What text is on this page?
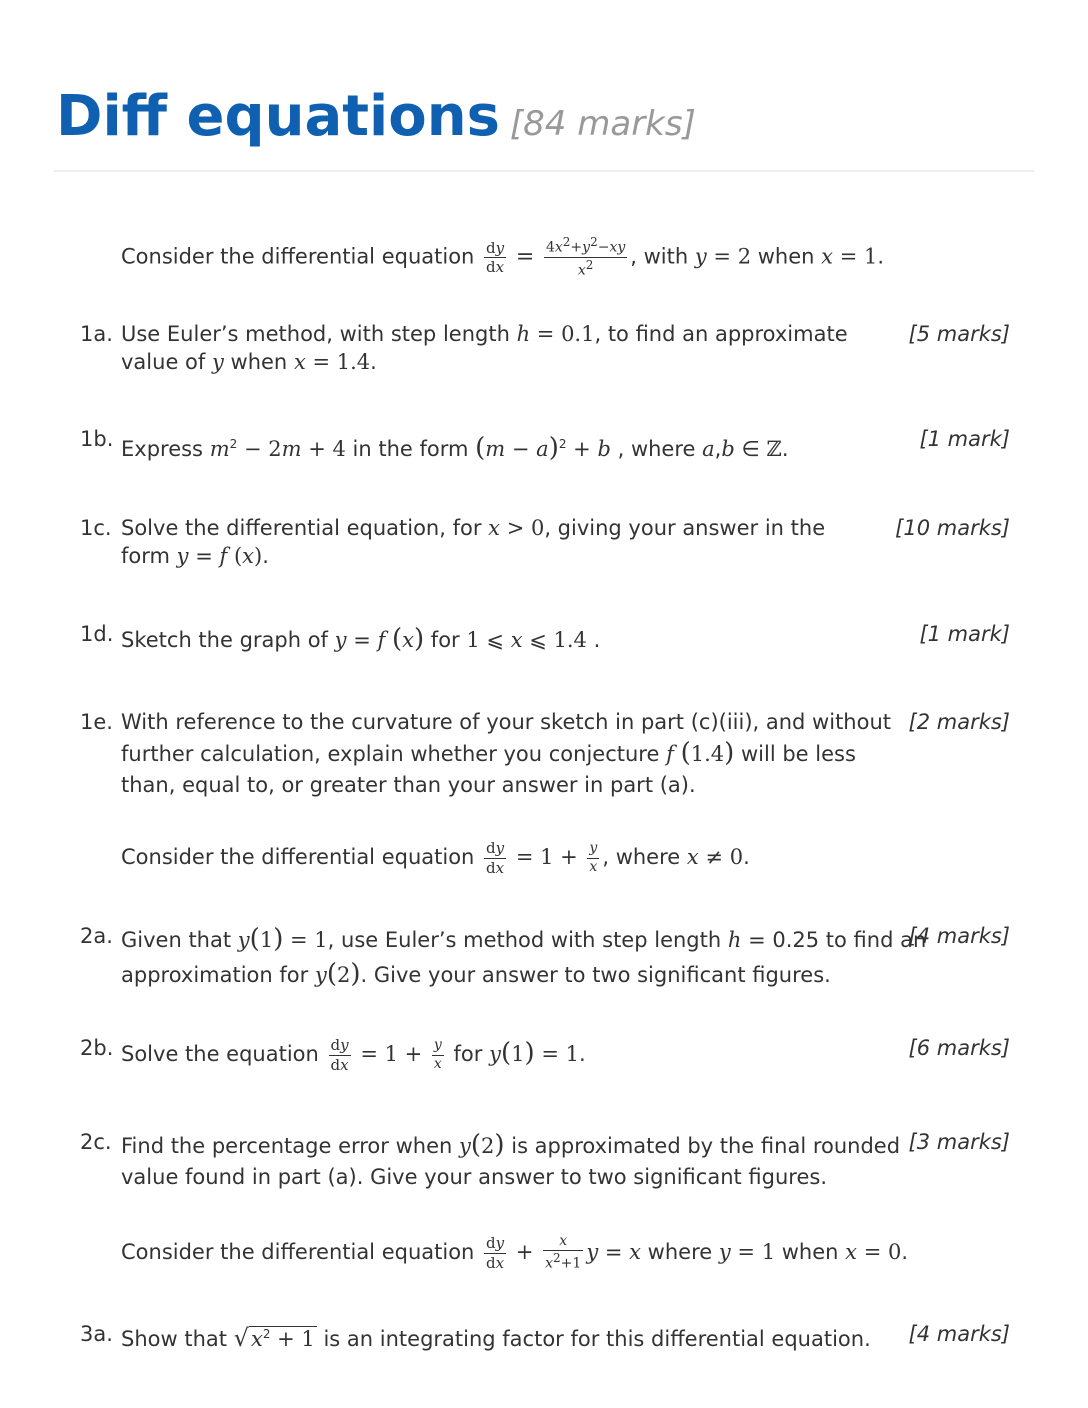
Diff equations [84 marks]
Consider the differential equation $\frac{dy}{dx} = \frac{4x2+y2-xy}{x2}$ , with y = 2 when x = 1.
1a. Use Euler’s method, with step length h = 0.1, to find an approximate value of y when x = 1.4.
[5 marks]
1b. Express $m^2 - 2m + 4$ in the form $(m - a)^2 + b$ , where a,b ∈ ℤ.	[1 mark]
1c. Solve the differential equation, for x > 0, giving your answer in the form y = f (x).
[10 marks]
1d. Sketch the graph of y = f (x) for 1 ⩽ x ⩽ 1.4 .	[1 mark]
1e. With reference to the curvature of your sketch in part (c)(iii), and without further calculation, explain whether you conjecture f (1.4) will be less than, equal to, or greater than your answer in part (a).
[2 marks]
Consider the differential equation $\frac{dy}{dx} = 1 + \frac{y}{x}$ , where x ≠ 0.
2a. Given that y(1) = 1, use Euler’s method with step length h = 0.25 to find an approximation for y(2). Give your answer to two significant figures.
[4 marks]
2b. Solve the equation $\frac{dy}{dx} = 1 + \frac{y}{x}$ for y(1) = 1.	[6 marks]
2c. Find the percentage error when y(2) is approximated by the final rounded value found in part (a). Give your answer to two significant figures.
[3 marks]
Consider the differential equation $\frac{dy}{dx} + \frac{x}{x2+1}$ y = x where y = 1 when x = 0.
3a. Show that $√x^2 + 1$ is an integrating factor for this differential equation.	[4 marks]
